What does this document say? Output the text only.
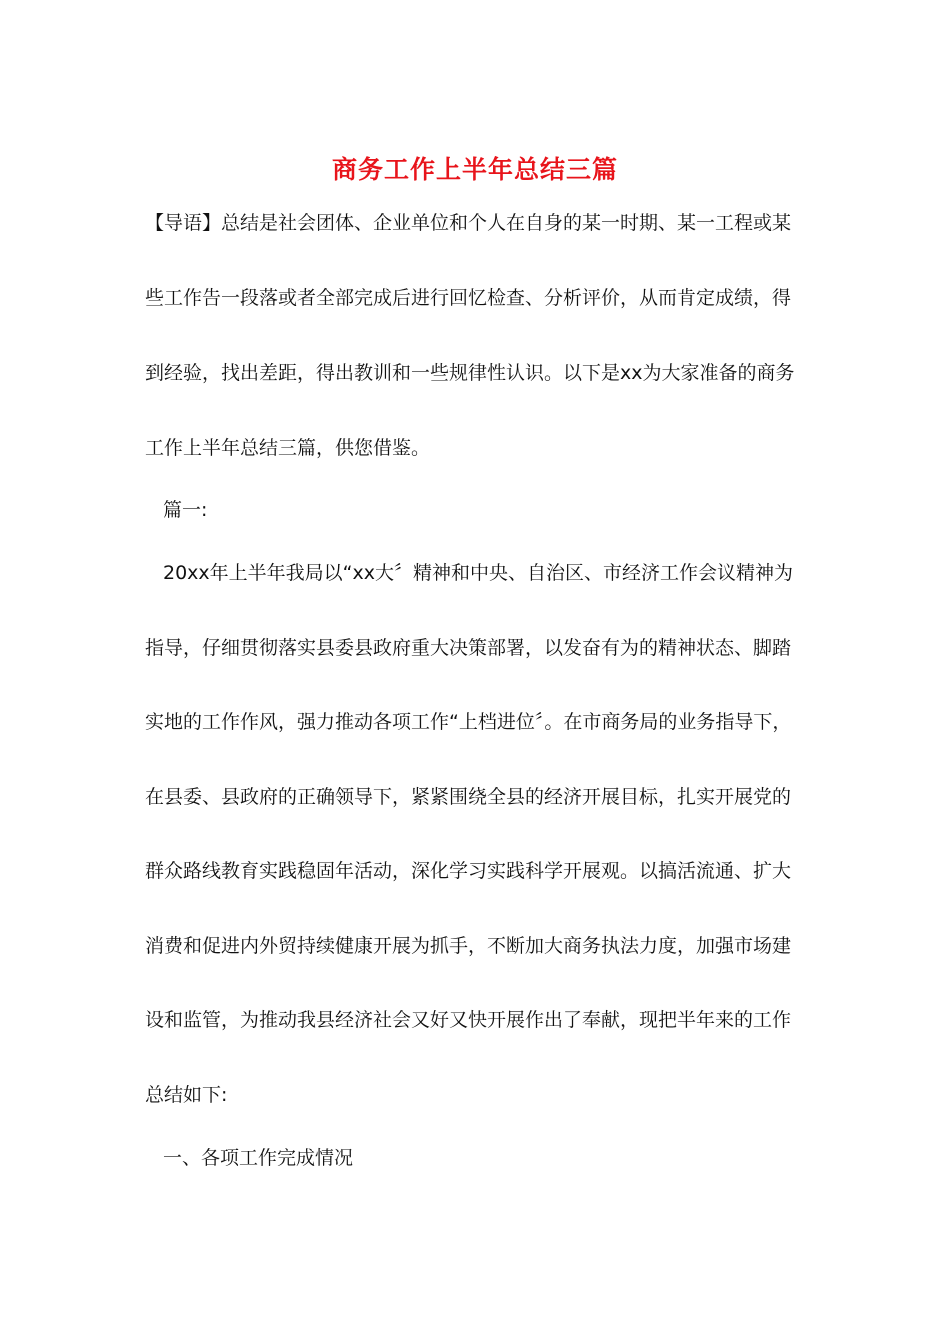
商务工作上半年总结三篇
【导语】总结是社会团体、企业单位和个人在自身的某一时期、某一工程或某
些工作告一段落或者全部完成后进行回忆检查、分析评价，从而肯定成绩，得
到经验，找出差距，得出教训和一些规律性认识。以下是xx为大家准备的商务
工作上半年总结三篇，供您借鉴。
篇一:
20xx年上半年我局以“xx大〞精神和中央、自治区、市经济工作会议精神为
指导，仔细贯彻落实县委县政府重大决策部署，以发奋有为的精神状态、脚踏
实地的工作作风，强力推动各项工作“上档进位〞。在市商务局的业务指导下，
在县委、县政府的正确领导下，紧紧围绕全县的经济开展目标，扎实开展党的
群众路线教育实践稳固年活动，深化学习实践科学开展观。以搞活流通、扩大
消费和促进内外贸持续健康开展为抓手，不断加大商务执法力度，加强市场建
设和监管，为推动我县经济社会又好又快开展作出了奉献，现把半年来的工作
总结如下:
一、各项工作完成情况
